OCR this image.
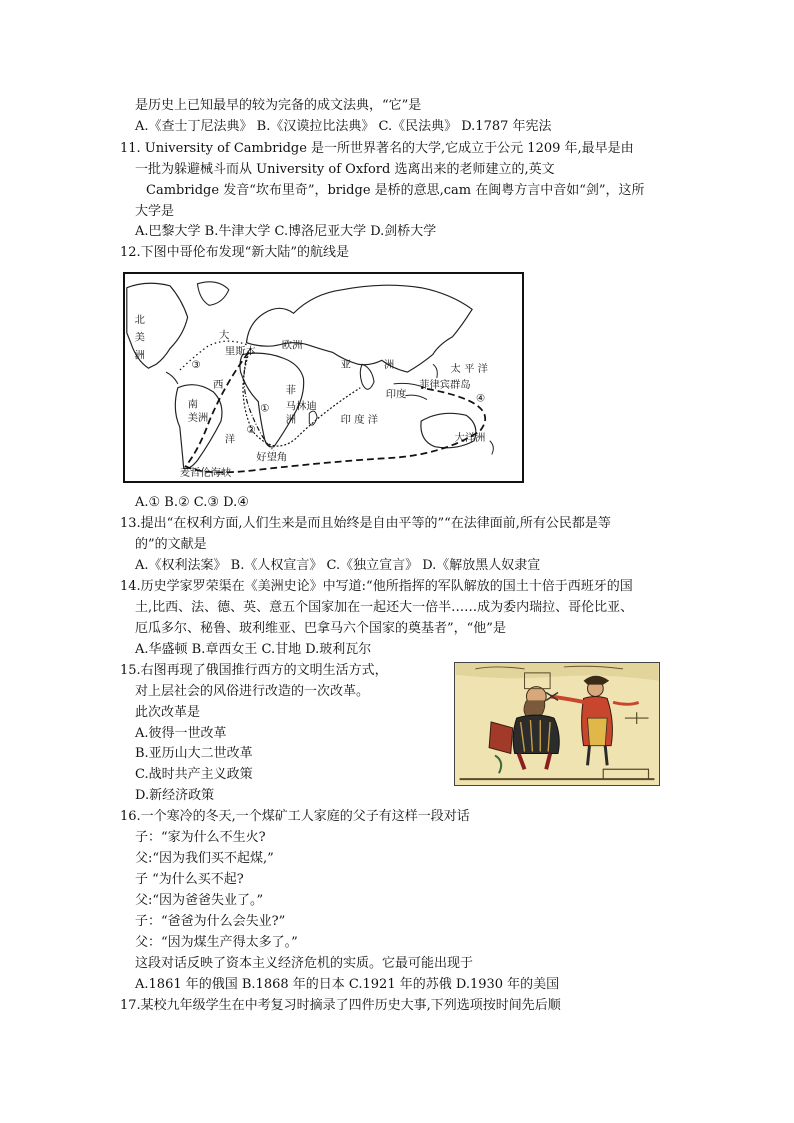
是历史上已知最早的较为完备的成文法典，“它”是
A.《查士丁尼法典》 B.《汉谟拉比法典》 C.《民法典》 D.1787 年宪法
11. University of Cambridge 是一所世界著名的大学,它成立于公元 1209 年,最早是由
一批为躲避械斗而从 University of Oxford 选离出来的老师建立的,英文
Cambridge 发音“坎布里奇”，bridge 是桥的意思,cam 在闽粤方言中音如“剑”，这所
大学是
A.巴黎大学 B.牛津大学 C.博洛尼亚大学 D.剑桥大学
12.下图中哥伦布发现“新大陆”的航线是
北
美
洲
大
里斯本 欧洲
亚	洲	太 平 洋
菲律宾群岛
西	菲
马林迪
洲
南
美洲
洋
印度
印 度 洋
大洋洲
好望角
麦哲伦海峡
①
②
③
④
A.① B.② C.③ D.④
13.提出“在权利方面,人们生来是而且始终是自由平等的”“在法律面前,所有公民都是等
的”的文献是
A.《权利法案》 B.《人权宣言》 C.《独立宣言》 D.《解放黑人奴隶宣
14.历史学家罗荣渠在《美洲史论》中写道:“他所指挥的军队解放的国土十倍于西班牙的国
土,比西、法、德、英、意五个国家加在一起还大一倍半……成为委内瑞拉、哥伦比亚、
厄瓜多尔、秘鲁、玻利维亚、巴拿马六个国家的奠基者”，“他”是
A.华盛顿 B.章西女王 C.甘地 D.玻利瓦尔
15.右图再现了俄国推行西方的文明生活方式，
对上层社会的风俗进行改造的一次改革。
此次改革是
A.彼得一世改革
B.亚历山大二世改革
C.战时共产主义政策
D.新经济政策
16.一个寒冷的冬天,一个煤矿工人家庭的父子有这样一段对话
子：“家为什么不生火?
父:“因为我们买不起煤,”
子 “为什么买不起?
父:“因为爸爸失业了。”
子：“爸爸为什么会失业?”
父：“因为煤生产得太多了。”
这段对话反映了资本主义经济危机的实质。它最可能出现于
A.1861 年的俄国 B.1868 年的日本 C.1921 年的苏俄 D.1930 年的美国
17.某校九年级学生在中考复习时摘录了四件历史大事,下列选项按时间先后顺
